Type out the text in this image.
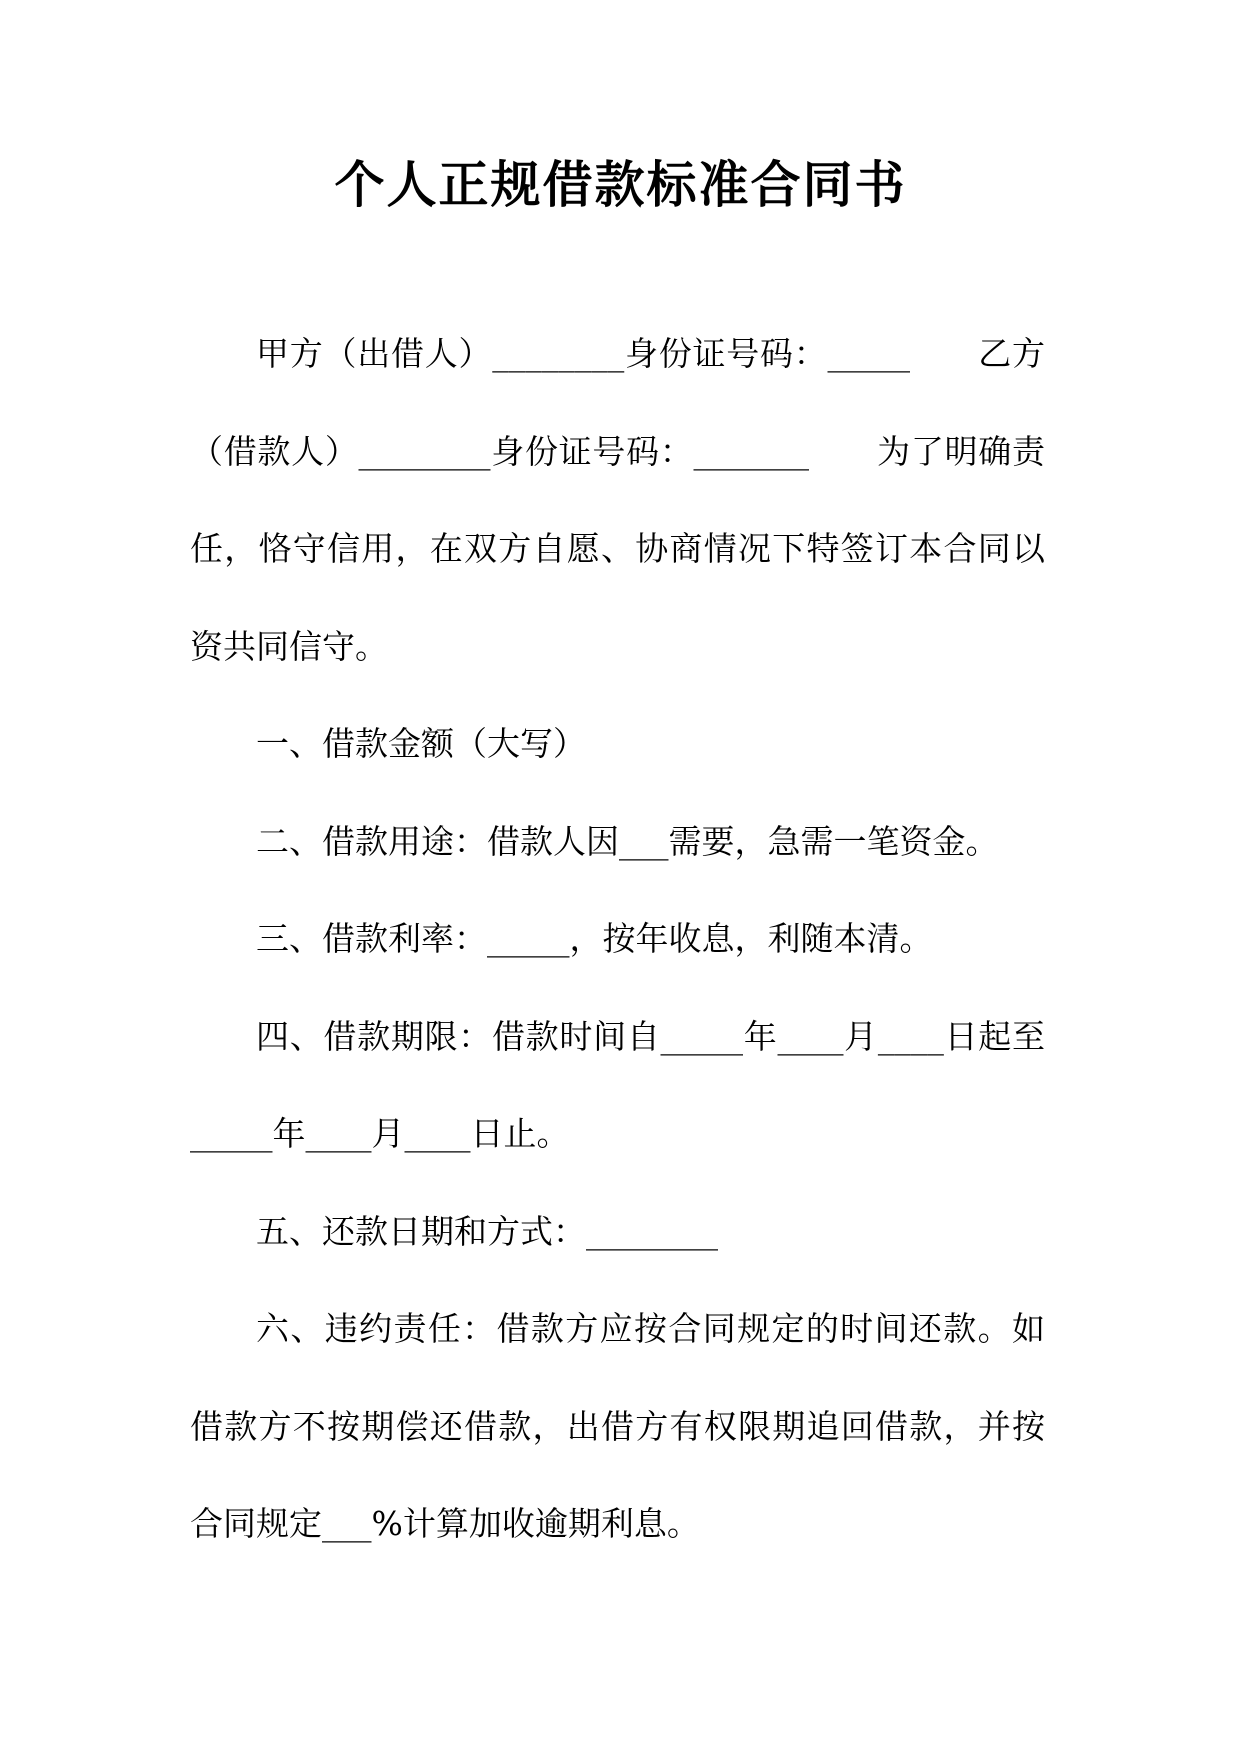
个人正规借款标准合同书

甲方（出借人）________身份证号码：_____　　乙方（借款人）________身份证号码：_______　　为了明确责任，恪守信用，在双方自愿、协商情况下特签订本合同以资共同信守。

一、借款金额（大写）

二、借款用途：借款人因___需要，急需一笔资金。

三、借款利率：_____，按年收息，利随本清。

四、借款期限：借款时间自_____年____月____日起至_____年____月____日止。

五、还款日期和方式：________

六、违约责任：借款方应按合同规定的时间还款。如借款方不按期偿还借款，出借方有权限期追回借款，并按合同规定___%计算加收逾期利息。
